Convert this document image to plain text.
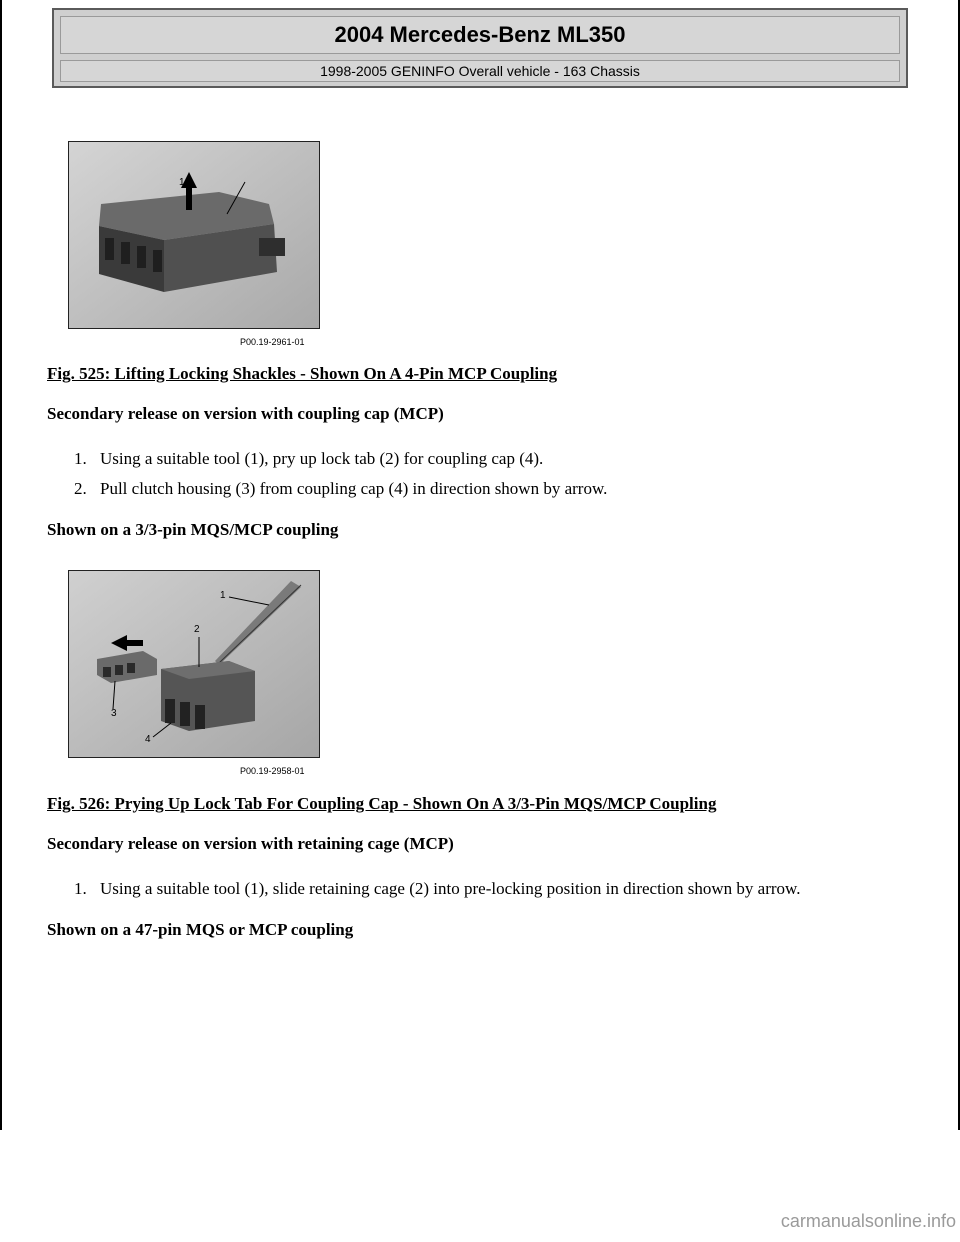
2004 Mercedes-Benz ML350
1998-2005 GENINFO Overall vehicle - 163 Chassis
1
P00.19-2961-01
Fig. 525: Lifting Locking Shackles - Shown On A 4-Pin MCP Coupling
Secondary release on version with coupling cap (MCP)
1. Using a suitable tool (1), pry up lock tab (2) for coupling cap (4).
2. Pull clutch housing (3) from coupling cap (4) in direction shown by arrow.
Shown on a 3/3-pin MQS/MCP coupling
1
2
3
4
P00.19-2958-01
Fig. 526: Prying Up Lock Tab For Coupling Cap - Shown On A 3/3-Pin MQS/MCP Coupling
Secondary release on version with retaining cage (MCP)
1. Using a suitable tool (1), slide retaining cage (2) into pre-locking position in direction shown by arrow.
Shown on a 47-pin MQS or MCP coupling
carmanualsonline.info
